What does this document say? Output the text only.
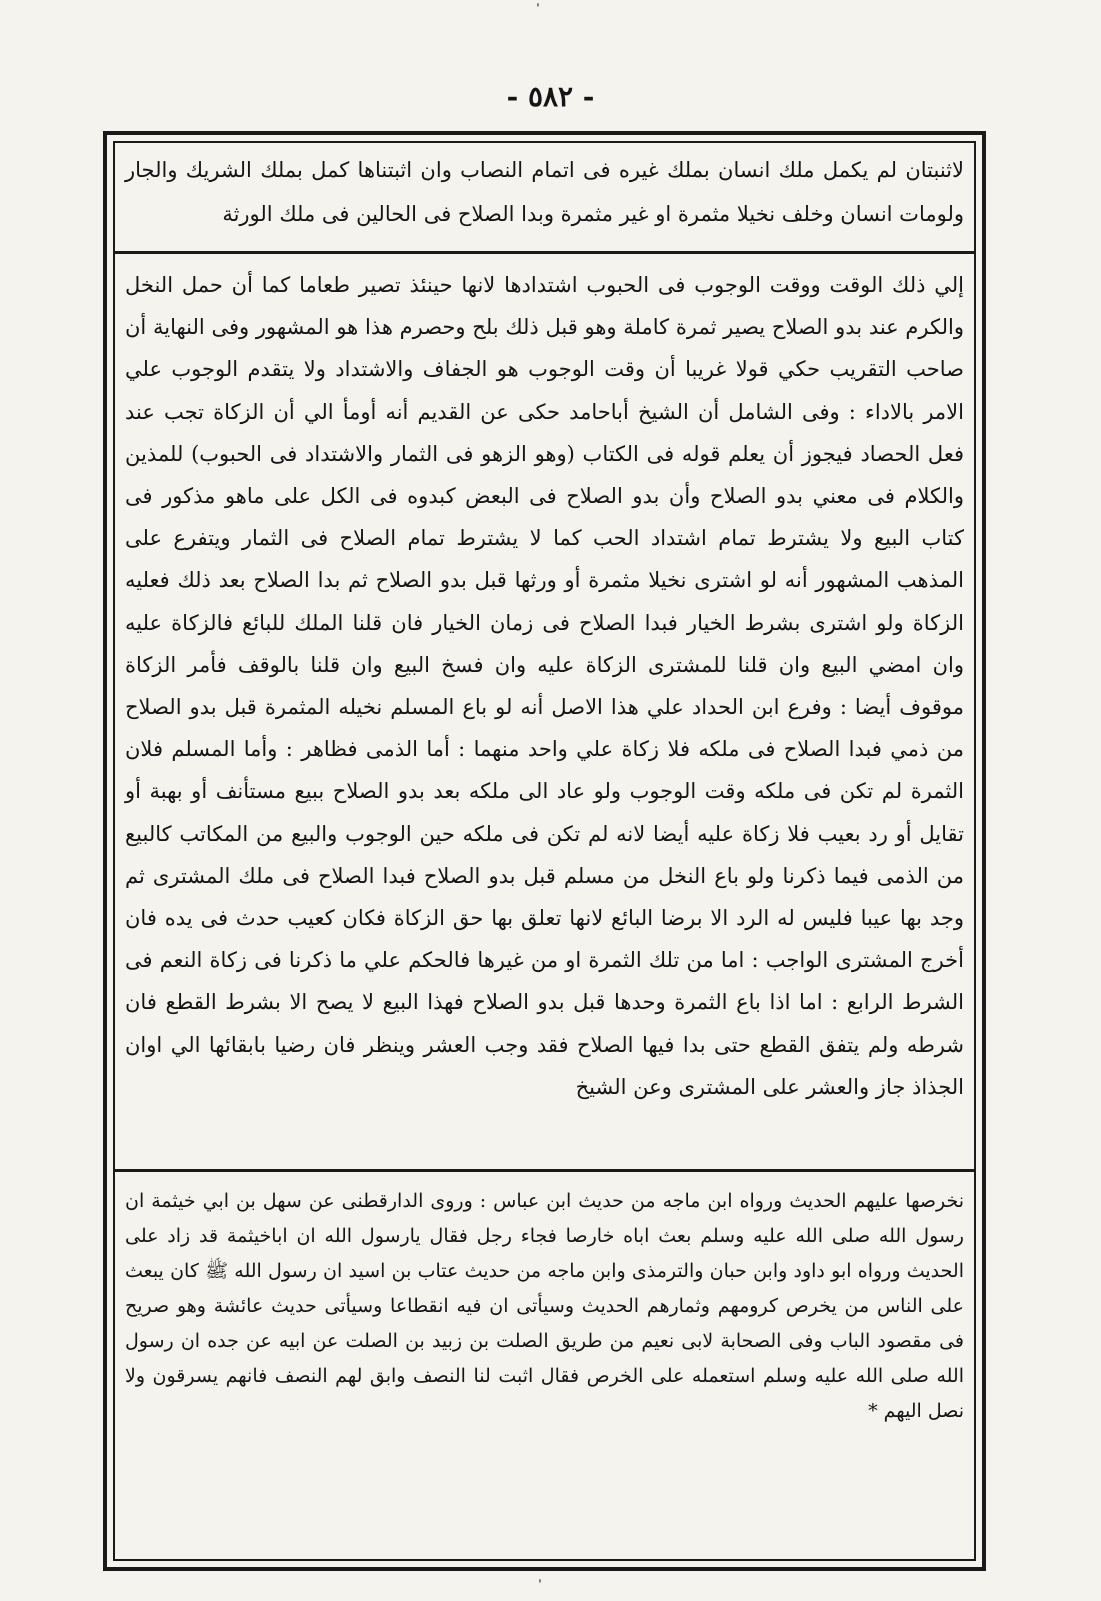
ˈ
- ٥٨٢ -

لاثنبتان لم يكمل ملك انسان بملك غيره فى اتمام النصاب وان اثبتناها كمل بملك الشريك والجار ولومات انسان وخلف نخيلا مثمرة او غير مثمرة وبدا الصلاح فى الحالين فى ملك الورثة

إلي ذلك الوقت ووقت الوجوب فى الحبوب اشتدادها لانها حينئذ تصير طعاما كما أن حمل النخل والكرم عند بدو الصلاح يصير ثمرة كاملة وهو قبل ذلك بلح وحصرم هذا هو المشهور وفى النهاية أن صاحب التقريب حكي قولا غريبا أن وقت الوجوب هو الجفاف والاشتداد ولا يتقدم الوجوب علي الامر بالاداء : وفى الشامل أن الشيخ أباحامد حكى عن القديم أنه أومأ الي أن الزكاة تجب عند فعل الحصاد فيجوز أن يعلم قوله فى الكتاب (وهو الزهو فى الثمار والاشتداد فى الحبوب) للمذين والكلام فى معني بدو الصلاح وأن بدو الصلاح فى البعض كبدوه فى الكل على ماهو مذكور فى كتاب البيع ولا يشترط تمام اشتداد الحب كما لا يشترط تمام الصلاح فى الثمار ويتفرع على المذهب المشهور أنه لو اشترى نخيلا مثمرة أو ورثها قبل بدو الصلاح ثم بدا الصلاح بعد ذلك فعليه الزكاة ولو اشترى بشرط الخيار فبدا الصلاح فى زمان الخيار فان قلنا الملك للبائع فالزكاة عليه وان امضي البيع وان قلنا للمشترى الزكاة عليه وان فسخ البيع وان قلنا بالوقف فأمر الزكاة موقوف أيضا : وفرع ابن الحداد علي هذا الاصل أنه لو باع المسلم نخيله المثمرة قبل بدو الصلاح من ذمي فبدا الصلاح فى ملكه فلا زكاة علي واحد منهما : أما الذمى فظاهر : وأما المسلم فلان الثمرة لم تكن فى ملكه وقت الوجوب ولو عاد الى ملكه بعد بدو الصلاح ببيع مستأنف أو بهبة أو تقايل أو رد بعيب فلا زكاة عليه أيضا لانه لم تكن فى ملكه حين الوجوب والبيع من المكاتب كالبيع من الذمى فيما ذكرنا ولو باع النخل من مسلم قبل بدو الصلاح فبدا الصلاح فى ملك المشترى ثم وجد بها عيبا فليس له الرد الا برضا البائع لانها تعلق بها حق الزكاة فكان كعيب حدث فى يده فان أخرج المشترى الواجب : اما من تلك الثمرة او من غيرها فالحكم علي ما ذكرنا فى زكاة النعم فى الشرط الرابع : اما اذا باع الثمرة وحدها قبل بدو الصلاح فهذا البيع لا يصح الا بشرط القطع فان شرطه ولم يتفق القطع حتى بدا فيها الصلاح فقد وجب العشر وينظر فان رضيا بابقائها الي اوان الجذاذ جاز والعشر على المشترى وعن الشيخ

نخرصها عليهم الحديث ورواه ابن ماجه من حديث ابن عباس : وروى الدارقطنى عن سهل بن ابي خيثمة ان رسول الله صلى الله عليه وسلم بعث اباه خارصا فجاء رجل فقال يارسول الله ان اباخيثمة قد زاد على الحديث ورواه ابو داود وابن حبان والترمذى وابن ماجه من حديث عتاب بن اسيد ان رسول الله ﷺ كان يبعث على الناس من يخرص كرومهم وثمارهم الحديث وسيأتى ان فيه انقطاعا وسيأتى حديث عائشة وهو صريح فى مقصود الباب وفى الصحابة لابى نعيم من طريق الصلت بن زبيد بن الصلت عن ابيه عن جده ان رسول الله صلى الله عليه وسلم استعمله على الخرص فقال اثبت لنا النصف وابق لهم النصف فانهم يسرقون ولا نصل اليهم *

ˈ
